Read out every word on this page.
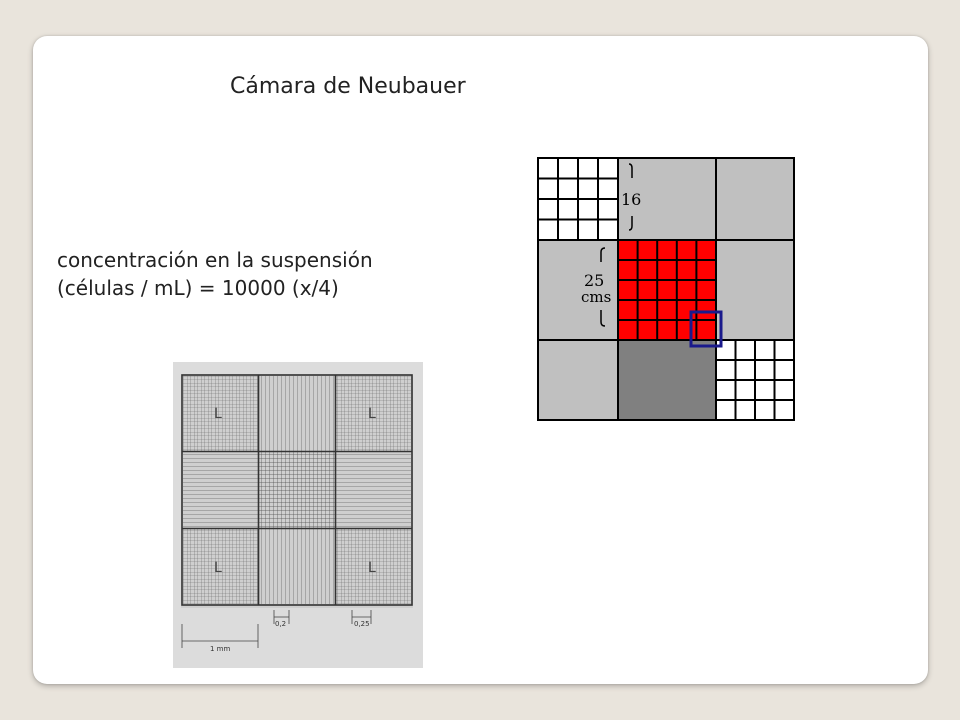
Cámara de Neubauer
concentración en la suspensión
(células / mL) = 10000 (x/4)
16
25
cms
L	L
L	L
0,2	0,25
1 mm
